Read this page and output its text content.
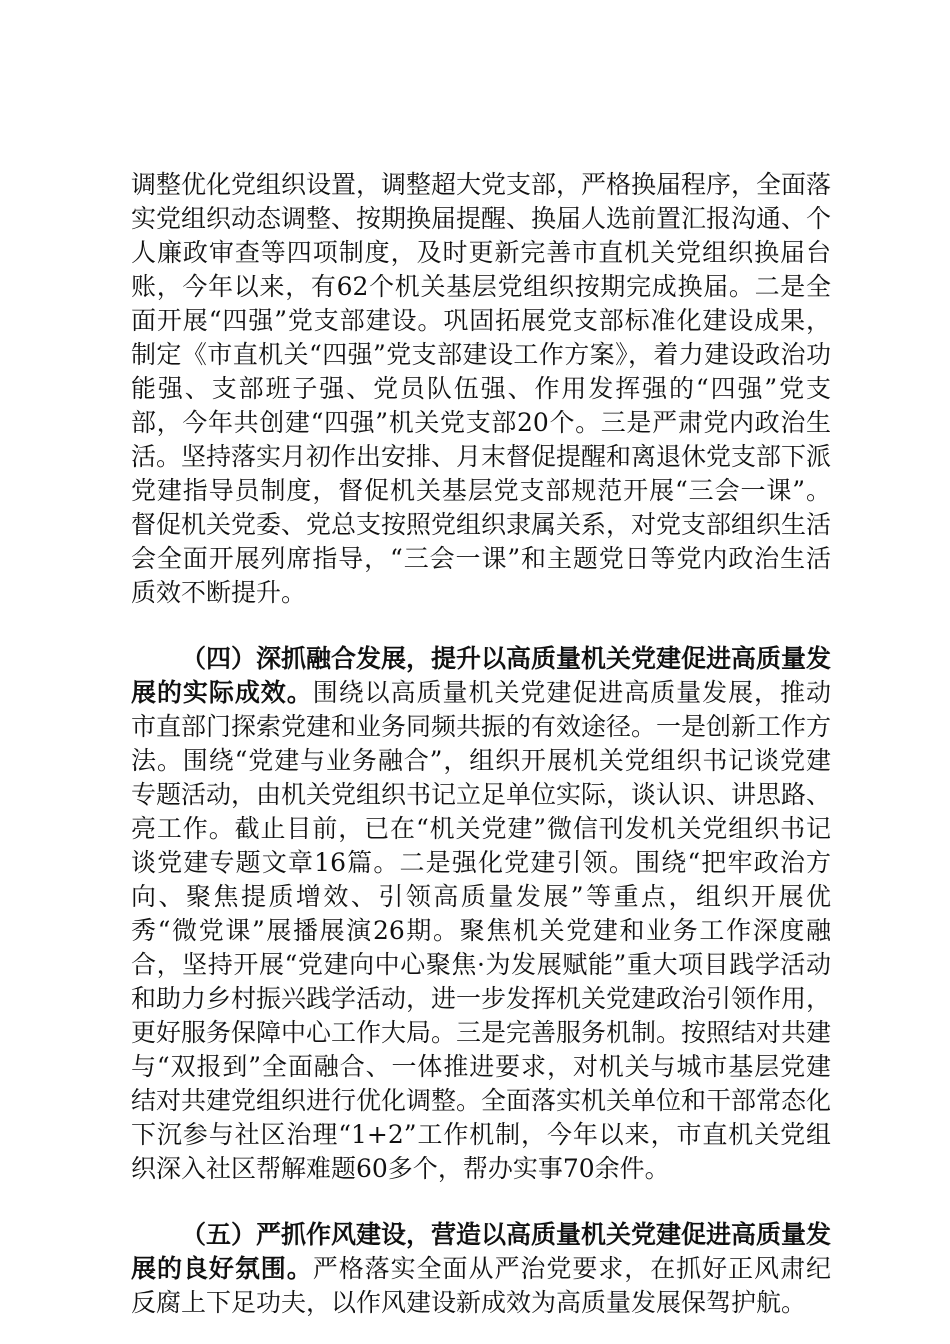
调整优化党组织设置，调整超大党支部，严格换届程序，全面落实党组织动态调整、按期换届提醒、换届人选前置汇报沟通、个人廉政审查等四项制度，及时更新完善市直机关党组织换届台账，今年以来，有62个机关基层党组织按期完成换届。二是全面开展“四强”党支部建设。巩固拓展党支部标准化建设成果，制定《市直机关“四强”党支部建设工作方案》，着力建设政治功能强、支部班子强、党员队伍强、作用发挥强的“四强”党支部，今年共创建“四强”机关党支部20个。三是严肃党内政治生活。坚持落实月初作出安排、月末督促提醒和离退休党支部下派党建指导员制度，督促机关基层党支部规范开展“三会一课”。督促机关党委、党总支按照党组织隶属关系，对党支部组织生活会全面开展列席指导，“三会一课”和主题党日等党内政治生活质效不断提升。

（四）深抓融合发展，提升以高质量机关党建促进高质量发展的实际成效。围绕以高质量机关党建促进高质量发展，推动市直部门探索党建和业务同频共振的有效途径。一是创新工作方法。围绕“党建与业务融合”，组织开展机关党组织书记谈党建专题活动，由机关党组织书记立足单位实际，谈认识、讲思路、亮工作。截止目前，已在“机关党建”微信刊发机关党组织书记谈党建专题文章16篇。二是强化党建引领。围绕“把牢政治方向、聚焦提质增效、引领高质量发展”等重点，组织开展优秀“微党课”展播展演26期。聚焦机关党建和业务工作深度融合，坚持开展“党建向中心聚焦·为发展赋能”重大项目践学活动和助力乡村振兴践学活动，进一步发挥机关党建政治引领作用，更好服务保障中心工作大局。三是完善服务机制。按照结对共建与“双报到”全面融合、一体推进要求，对机关与城市基层党建结对共建党组织进行优化调整。全面落实机关单位和干部常态化下沉参与社区治理“1+2”工作机制，今年以来，市直机关党组织深入社区帮解难题60多个，帮办实事70余件。

（五）严抓作风建设，营造以高质量机关党建促进高质量发展的良好氛围。严格落实全面从严治党要求，在抓好正风肃纪反腐上下足功夫，以作风建设新成效为高质量发展保驾护航。
